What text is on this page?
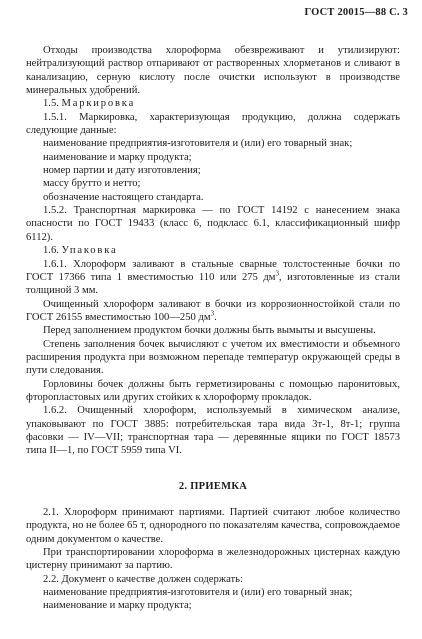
ГОСТ 20015—88 С. 3

Отходы производства хлороформа обезвреживают и утилизируют: нейтрализующий раствор отпаривают от растворенных хлорметанов и сливают в канализацию, серную кислоту после очистки используют в производстве минеральных удобрений.

1.5. Маркировка

1.5.1. Маркировка, характеризующая продукцию, должна содержать следующие данные:

наименование предприятия-изготовителя и (или) его товарный знак;

наименование и марку продукта;

номер партии и дату изготовления;

массу брутто и нетто;

обозначение настоящего стандарта.

1.5.2. Транспортная маркировка — по ГОСТ 14192 с нанесением знака опасности по ГОСТ 19433 (класс 6, подкласс 6.1, классификационный шифр 6112).

1.6. Упаковка

1.6.1. Хлороформ заливают в стальные сварные толстостенные бочки по ГОСТ 17366 типа 1 вместимостью 110 или 275 $дм^3$, изготовленные из стали толщиной 3 мм.

Очищенный хлороформ заливают в бочки из коррозионностойкой стали по ГОСТ 26155 вместимостью 100—250 $дм^3$.

Перед заполнением продуктом бочки должны быть вымыты и высушены.

Степень заполнения бочек вычисляют с учетом их вместимости и объемного расширения продукта при возможном перепаде температур окружающей среды в пути следования.

Горловины бочек должны быть герметизированы с помощью паронитовых, фторопластовых или других стойких к хлороформу прокладок.

1.6.2. Очищенный хлороформ, используемый в химическом анализе, упаковывают по ГОСТ 3885: потребительская тара вида 3т-1, 8т-1; группа фасовки — IV—VII; транспортная тара — деревянные ящики по ГОСТ 18573 типа II—1, по ГОСТ 5959 типа VI.

2. ПРИЕМКА

2.1. Хлороформ принимают партиями. Партией считают любое количество продукта, но не более 65 т, однородного по показателям качества, сопровождаемое одним документом о качестве.

При транспортировании хлороформа в железнодорожных цистернах каждую цистерну принимают за партию.

2.2. Документ о качестве должен содержать:

наименование предприятия-изготовителя и (или) его товарный знак;

наименование и марку продукта;
